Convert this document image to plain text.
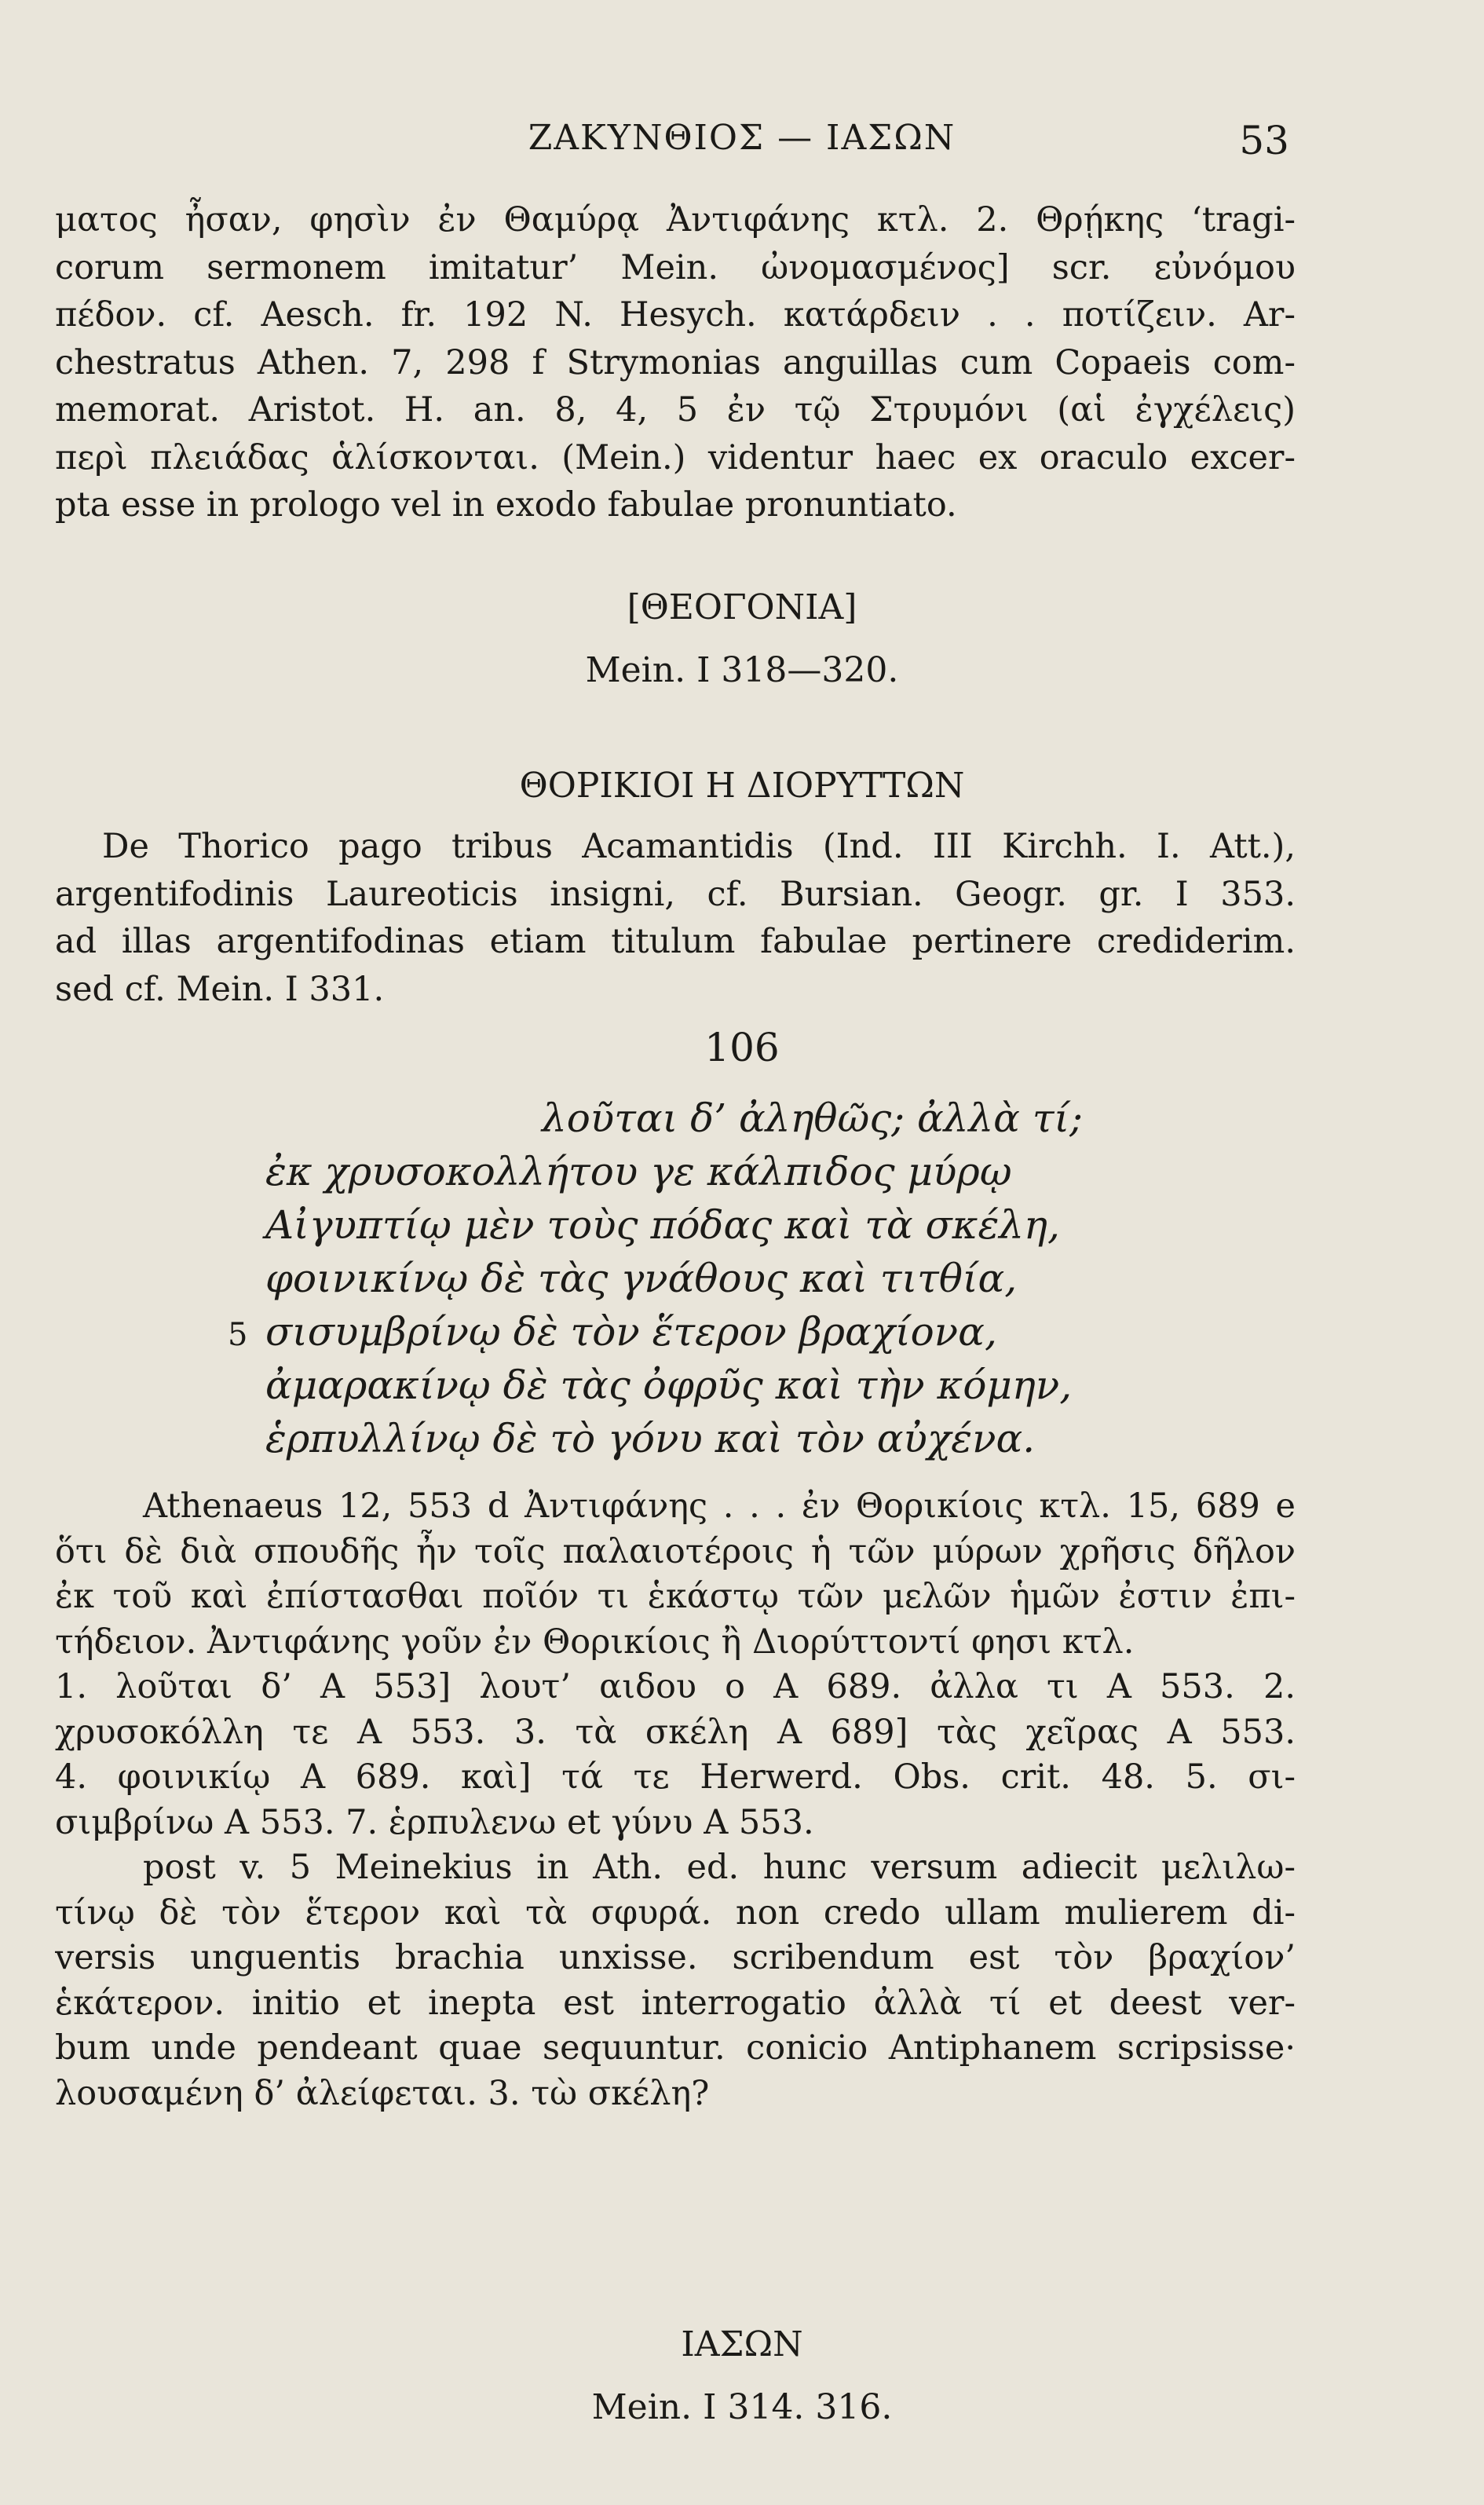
ΖΑΚΥΝΘΙΟΣ — ΙΑΣΩΝ	53
ματος ἦσαν, φησὶν ἐν Θαμύρᾳ Ἀντιφάνης κτλ. 2. Θρῄκης ‘tragi-
corum sermonem imitatur’ Mein. ὠνομασμένος] scr. εὐνόμου
πέδον. cf. Aesch. fr. 192 N. Hesych. κατάρδειν . . ποτίζειν. Ar-
chestratus Athen. 7, 298 f Strymonias anguillas cum Copaeis com-
memorat. Aristot. H. an. 8, 4, 5 ἐν τῷ Στρυμόνι (αἱ ἐγχέλεις)
περὶ πλειάδας ἁλίσκονται. (Mein.) videntur haec ex oraculo excer-
pta esse in prologo vel in exodo fabulae pronuntiato.
[ΘΕΟΓΟΝΙΑ]
Mein. I 318—320.
ΘΟΡΙΚΙΟΙ Η ΔΙΟΡΥΤΤΩΝ
De Thorico pago tribus Acamantidis (Ind. III Kirchh. I. Att.),
argentifodinis Laureoticis insigni, cf. Bursian. Geogr. gr. I 353.
ad illas argentifodinas etiam titulum fabulae pertinere crediderim.
sed cf. Mein. I 331.
106
λοῦται δ’ ἀληθῶς; ἀλλὰ τί;
ἐκ χρυσοκολλήτου γε κάλπιδος μύρῳ
Αἰγυπτίῳ μὲν τοὺς πόδας καὶ τὰ σκέλη,
φοινικίνῳ δὲ τὰς γνάθους καὶ τιτθία,
5 σισυμβρίνῳ δὲ τὸν ἕτερον βραχίονα,
ἀμαρακίνῳ δὲ τὰς ὀφρῦς καὶ τὴν κόμην,
ἑρπυλλίνῳ δὲ τὸ γόνυ καὶ τὸν αὐχένα.
Athenaeus 12, 553 d Ἀντιφάνης . . . ἐν Θορικίοις κτλ. 15, 689 e
ὅτι δὲ διὰ σπουδῆς ἦν τοῖς παλαιοτέροις ἡ τῶν μύρων χρῆσις δῆλον
ἐκ τοῦ καὶ ἐπίστασθαι ποῖόν τι ἑκάστῳ τῶν μελῶν ἡμῶν ἐστιν ἐπι-
τήδειον. Ἀντιφάνης γοῦν ἐν Θορικίοις ἢ Διορύττοντί φησι κτλ.
1. λοῦται δ’ A 553] λουτ’ αιδου ο A 689. ἀλλα τι A 553. 2.
χρυσοκόλλη τε A 553. 3. τὰ σκέλη A 689] τὰς χεῖρας A 553.
4. φοινικίῳ A 689. καὶ] τά τε Herwerd. Obs. crit. 48. 5. σι-
σιμβρίνω A 553. 7. ἑρπυλενω et γύνυ A 553.
post v. 5 Meinekius in Ath. ed. hunc versum adiecit μελιλω-
τίνῳ δὲ τὸν ἕτερον καὶ τὰ σφυρά. non credo ullam mulierem di-
versis unguentis brachia unxisse. scribendum est τὸν βραχίον’
ἑκάτερον. initio et inepta est interrogatio ἀλλὰ τί et deest ver-
bum unde pendeant quae sequuntur. conicio Antiphanem scripsisse·
λουσαμένη δ’ ἀλείφεται. 3. τὼ σκέλη?
ΙΑΣΩΝ
Mein. I 314. 316.
